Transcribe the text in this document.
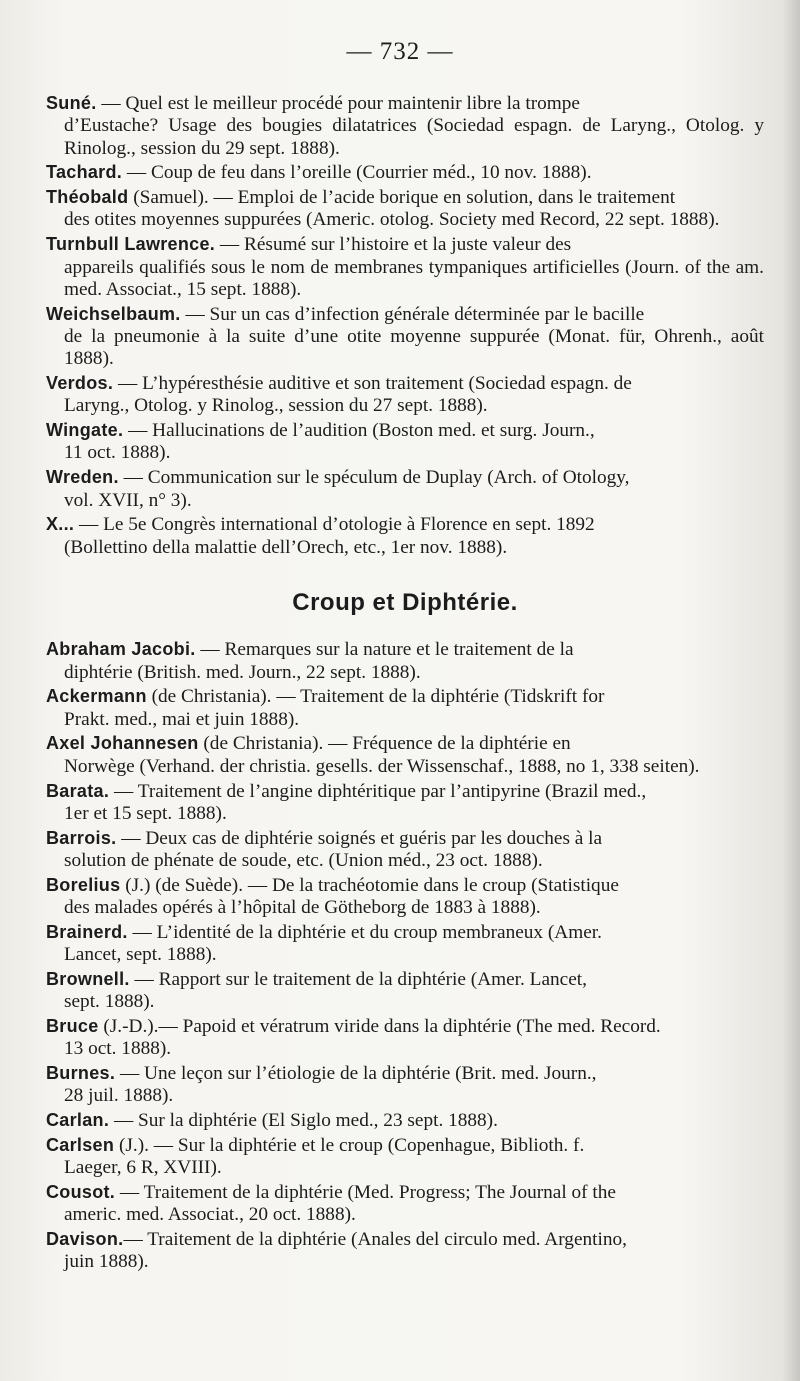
— 732 —
Suné. — Quel est le meilleur procédé pour maintenir libre la trompe
d’Eustache? Usage des bougies dilatatrices (Sociedad espagn. de Laryng., Otolog. y Rinolog., session du 29 sept. 1888).
Tachard. — Coup de feu dans l’oreille (Courrier méd., 10 nov. 1888).
Théobald (Samuel). — Emploi de l’acide borique en solution, dans le traitement
des otites moyennes suppurées (Americ. otolog. Society med Record, 22 sept. 1888).
Turnbull Lawrence. — Résumé sur l’histoire et la juste valeur des
appareils qualifiés sous le nom de membranes tympaniques artificielles (Journ. of the am. med. Associat., 15 sept. 1888).
Weichselbaum. — Sur un cas d’infection générale déterminée par le bacille
de la pneumonie à la suite d’une otite moyenne suppurée (Monat. für, Ohrenh., août 1888).
Verdos. — L’hypéresthésie auditive et son traitement (Sociedad espagn. de
Laryng., Otolog. y Rinolog., session du 27 sept. 1888).
Wingate. — Hallucinations de l’audition (Boston med. et surg. Journ.,
11 oct. 1888).
Wreden. — Communication sur le spéculum de Duplay (Arch. of Otology,
vol. XVII, n° 3).
X... — Le 5e Congrès international d’otologie à Florence en sept. 1892
(Bollettino della malattie dell’Orech, etc., 1er nov. 1888).
Croup et Diphtérie.
Abraham Jacobi. — Remarques sur la nature et le traitement de la
diphtérie (British. med. Journ., 22 sept. 1888).
Ackermann (de Christania). — Traitement de la diphtérie (Tidskrift for
Prakt. med., mai et juin 1888).
Axel Johannesen (de Christania). — Fréquence de la diphtérie en
Norwège (Verhand. der christia. gesells. der Wissenschaf., 1888, no 1, 338 seiten).
Barata. — Traitement de l’angine diphtéritique par l’antipyrine (Brazil med.,
1er et 15 sept. 1888).
Barrois. — Deux cas de diphtérie soignés et guéris par les douches à la
solution de phénate de soude, etc. (Union méd., 23 oct. 1888).
Borelius (J.) (de Suède). — De la trachéotomie dans le croup (Statistique
des malades opérés à l’hôpital de Götheborg de 1883 à 1888).
Brainerd. — L’identité de la diphtérie et du croup membraneux (Amer.
Lancet, sept. 1888).
Brownell. — Rapport sur le traitement de la diphtérie (Amer. Lancet,
sept. 1888).
Bruce (J.-D.).— Papoid et vératrum viride dans la diphtérie (The med. Record.
13 oct. 1888).
Burnes. — Une leçon sur l’étiologie de la diphtérie (Brit. med. Journ.,
28 juil. 1888).
Carlan. — Sur la diphtérie (El Siglo med., 23 sept. 1888).
Carlsen (J.). — Sur la diphtérie et le croup (Copenhague, Biblioth. f.
Laeger, 6 R, XVIII).
Cousot. — Traitement de la diphtérie (Med. Progress; The Journal of the
americ. med. Associat., 20 oct. 1888).
Davison.— Traitement de la diphtérie (Anales del circulo med. Argentino,
juin 1888).
